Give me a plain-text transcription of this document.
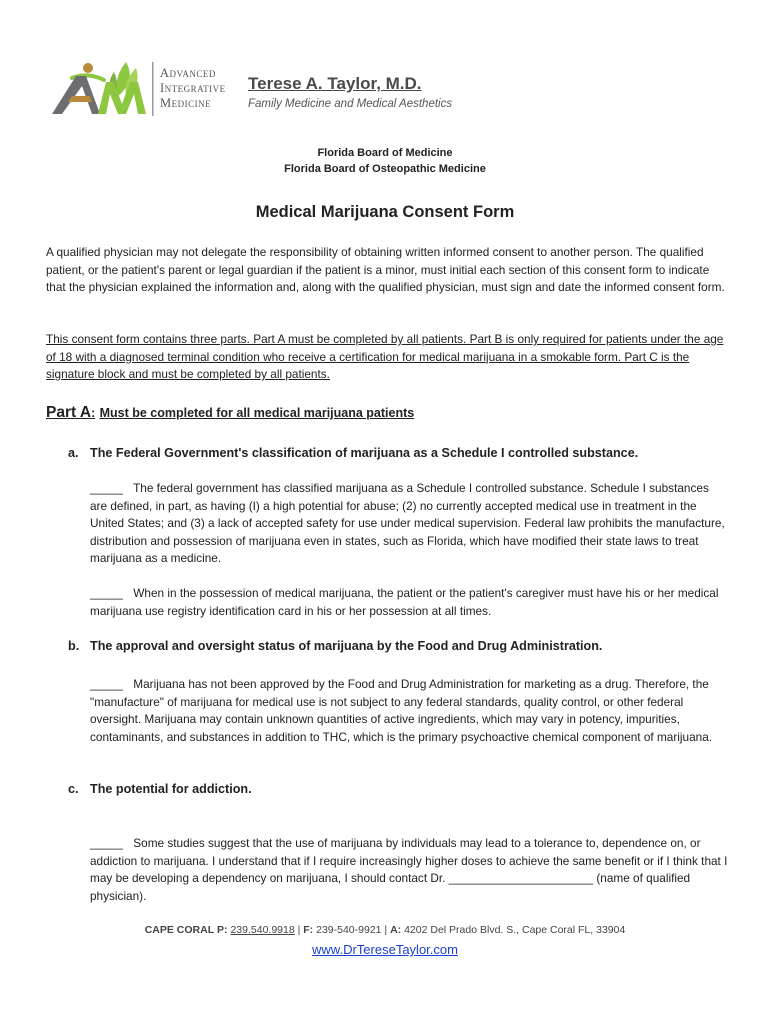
Advanced
Integrative
Medicine
Terese A. Taylor, M.D.
Family Medicine and Medical Aesthetics
Florida Board of Medicine
Florida Board of Osteopathic Medicine
Medical Marijuana Consent Form
A qualified physician may not delegate the responsibility of obtaining written informed consent to another person. The qualified patient, or the patient's parent or legal guardian if the patient is a minor, must initial each section of this consent form to indicate that the physician explained the information and, along with the qualified physician, must sign and date the informed consent form.
This consent form contains three parts. Part A must be completed by all patients. Part B is only required for patients under the age of 18 with a diagnosed terminal condition who receive a certification for medical marijuana in a smokable form. Part C is the signature block and must be completed by all patients.
Part A: Must be completed for all medical marijuana patients
a. The Federal Government's classification of marijuana as a Schedule I controlled substance.
_____ The federal government has classified marijuana as a Schedule I controlled substance. Schedule I substances are defined, in part, as having (I) a high potential for abuse; (2) no currently accepted medical use in treatment in the United States; and (3) a lack of accepted safety for use under medical supervision. Federal law prohibits the manufacture, distribution and possession of marijuana even in states, such as Florida, which have modified their state laws to treat marijuana as a medicine.
_____ When in the possession of medical marijuana, the patient or the patient's caregiver must have his or her medical marijuana use registry identification card in his or her possession at all times.
b. The approval and oversight status of marijuana by the Food and Drug Administration.
_____ Marijuana has not been approved by the Food and Drug Administration for marketing as a drug. Therefore, the "manufacture" of marijuana for medical use is not subject to any federal standards, quality control, or other federal oversight. Marijuana may contain unknown quantities of active ingredients, which may vary in potency, impurities, contaminants, and substances in addition to THC, which is the primary psychoactive chemical component of marijuana.
c. The potential for addiction.
_____ Some studies suggest that the use of marijuana by individuals may lead to a tolerance to, dependence on, or addiction to marijuana. I understand that if I require increasingly higher doses to achieve the same benefit or if I think that I may be developing a dependency on marijuana, I should contact Dr. ______________________ (name of qualified physician).
CAPE CORAL P: 239.540.9918 | F: 239-540-9921 | A: 4202 Del Prado Blvd. S., Cape Coral FL, 33904
www.DrTereseTaylor.com
